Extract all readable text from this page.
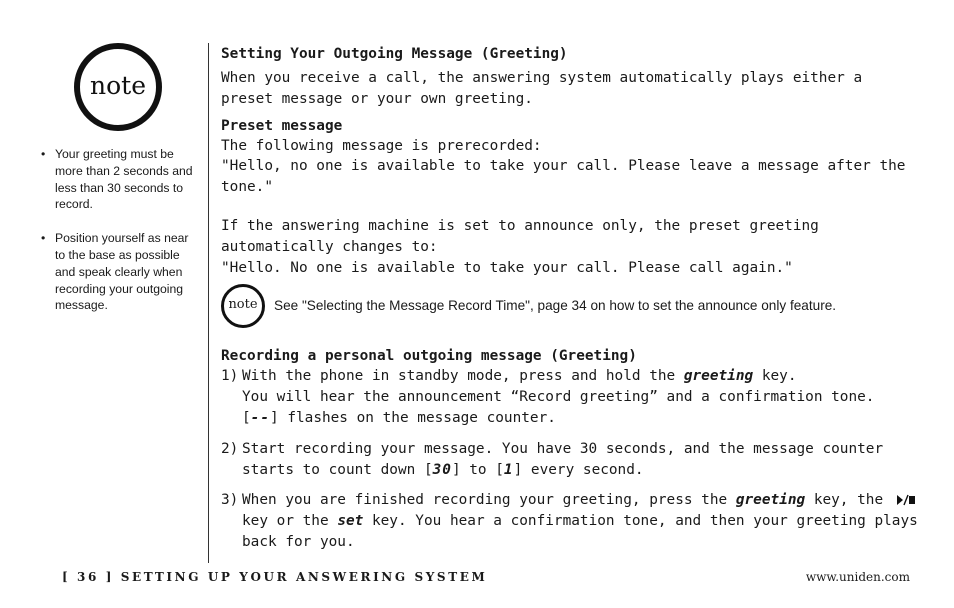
note
• Your greeting must be more than 2 seconds and less than 30 seconds to record.
• Position yourself as near to the base as possible and speak clearly when recording your outgoing message.
Setting Your Outgoing Message (Greeting)

When you receive a call, the answering system automatically plays either a preset message or your own greeting.

Preset message

The following message is prerecorded:

"Hello, no one is available to take your call. Please leave a message after the tone."

If the answering machine is set to announce only, the preset greeting automatically changes to:

"Hello. No one is available to take your call. Please call again."

note See "Selecting the Message Record Time", page 34 on how to set the announce only feature.
Recording a personal outgoing message (Greeting)
1) With the phone in standby mode, press and hold the greeting key.
You will hear the announcement “Record greeting” and a confirmation tone.
[--] flashes on the message counter.
2) Start recording your message. You have 30 seconds, and the message counter starts to count down [30] to [1] every second.
3) When you are finished recording your greeting, press the greeting key, the key or the set key. You hear a confirmation tone, and then your greeting plays back for you.
[ 36 ] SETTING UP YOUR ANSWERING SYSTEM	www.uniden.com
